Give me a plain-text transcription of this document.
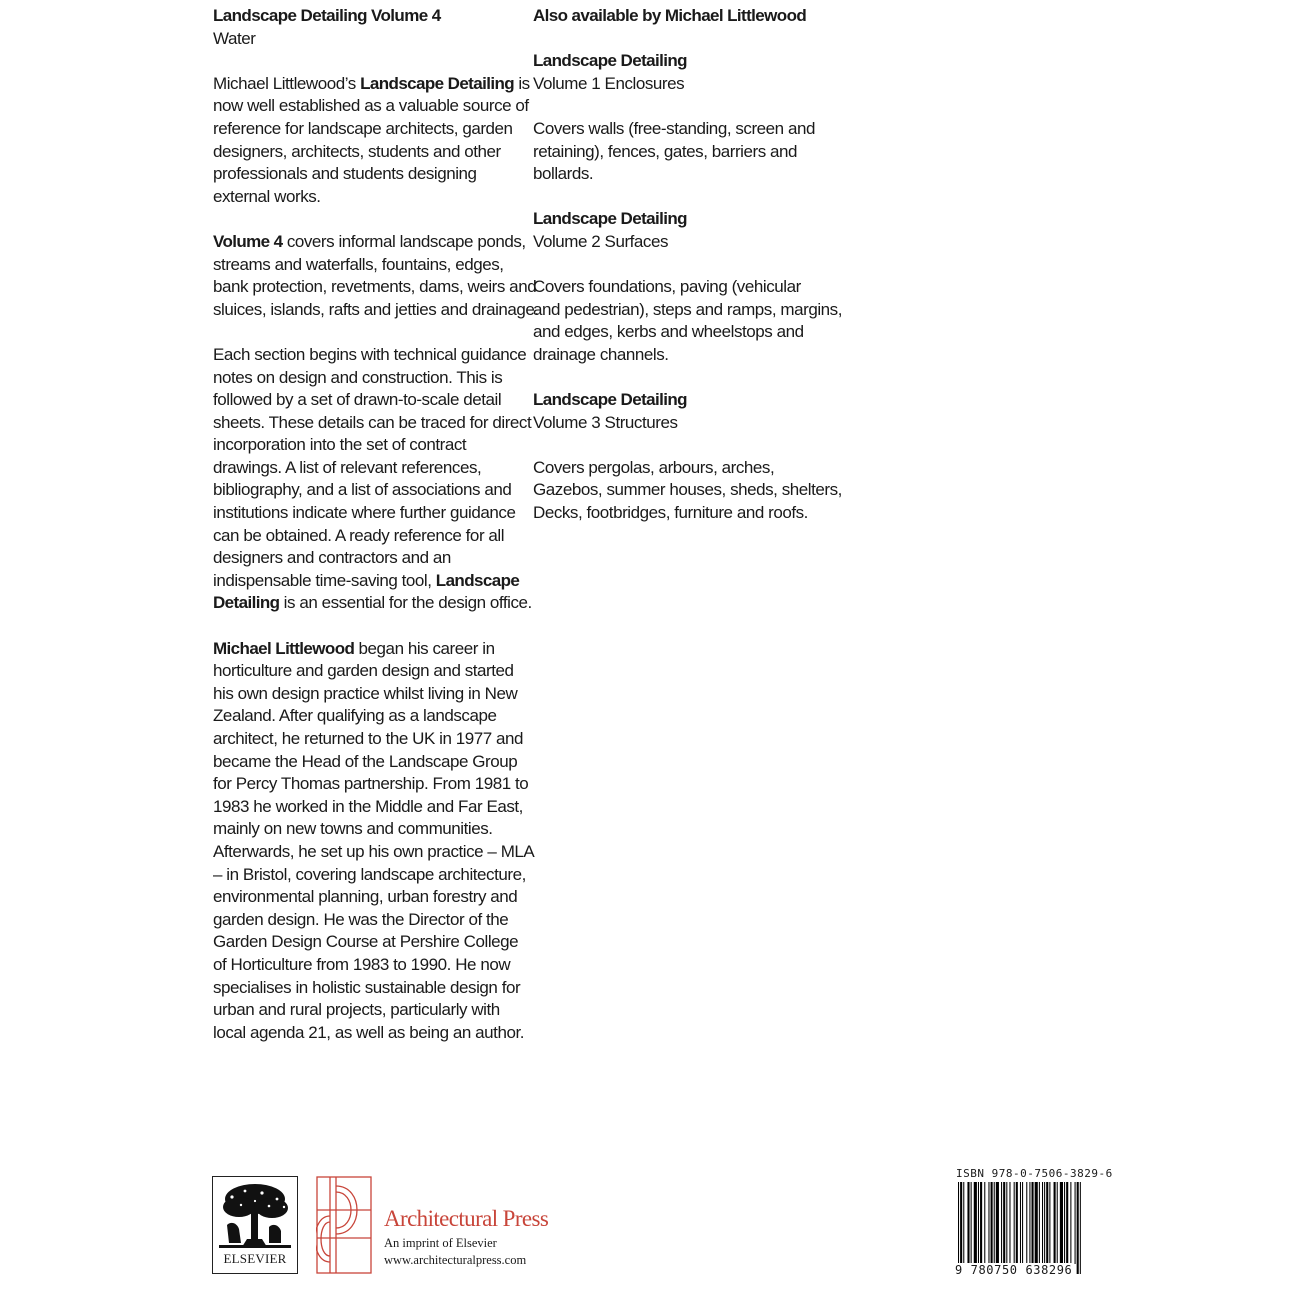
Landscape Detailing Volume 4
Water

Michael Littlewood’s Landscape Detailing is
now well established as a valuable source of
reference for landscape architects, garden
designers, architects, students and other
professionals and students designing
external works.

Volume 4 covers informal landscape ponds,
streams and waterfalls, fountains, edges,
bank protection, revetments, dams, weirs and
sluices, islands, rafts and jetties and drainage.

Each section begins with technical guidance
notes on design and construction. This is
followed by a set of drawn-to-scale detail
sheets. These details can be traced for direct
incorporation into the set of contract
drawings. A list of relevant references,
bibliography, and a list of associations and
institutions indicate where further guidance
can be obtained. A ready reference for all
designers and contractors and an
indispensable time-saving tool, Landscape
Detailing is an essential for the design office.

Michael Littlewood began his career in
horticulture and garden design and started
his own design practice whilst living in New
Zealand. After qualifying as a landscape
architect, he returned to the UK in 1977 and
became the Head of the Landscape Group
for Percy Thomas partnership. From 1981 to
1983 he worked in the Middle and Far East,
mainly on new towns and communities.
Afterwards, he set up his own practice – MLA
– in Bristol, covering landscape architecture,
environmental planning, urban forestry and
garden design. He was the Director of the
Garden Design Course at Pershire College
of Horticulture from 1983 to 1990. He now
specialises in holistic sustainable design for
urban and rural projects, particularly with
local agenda 21, as well as being an author.

Also available by Michael Littlewood

Landscape Detailing
Volume 1 Enclosures

Covers walls (free-standing, screen and
retaining), fences, gates, barriers and
bollards.

Landscape Detailing
Volume 2 Surfaces

Covers foundations, paving (vehicular
and pedestrian), steps and ramps, margins,
and edges, kerbs and wheelstops and
drainage channels.

Landscape Detailing
Volume 3 Structures

Covers pergolas, arbours, arches,
Gazebos, summer houses, sheds, shelters,
Decks, footbridges, furniture and roofs.

ELSEVIER
Architectural Press
An imprint of Elsevier
www.architecturalpress.com
ISBN 978-0-7506-3829-6
9 780750 638296
